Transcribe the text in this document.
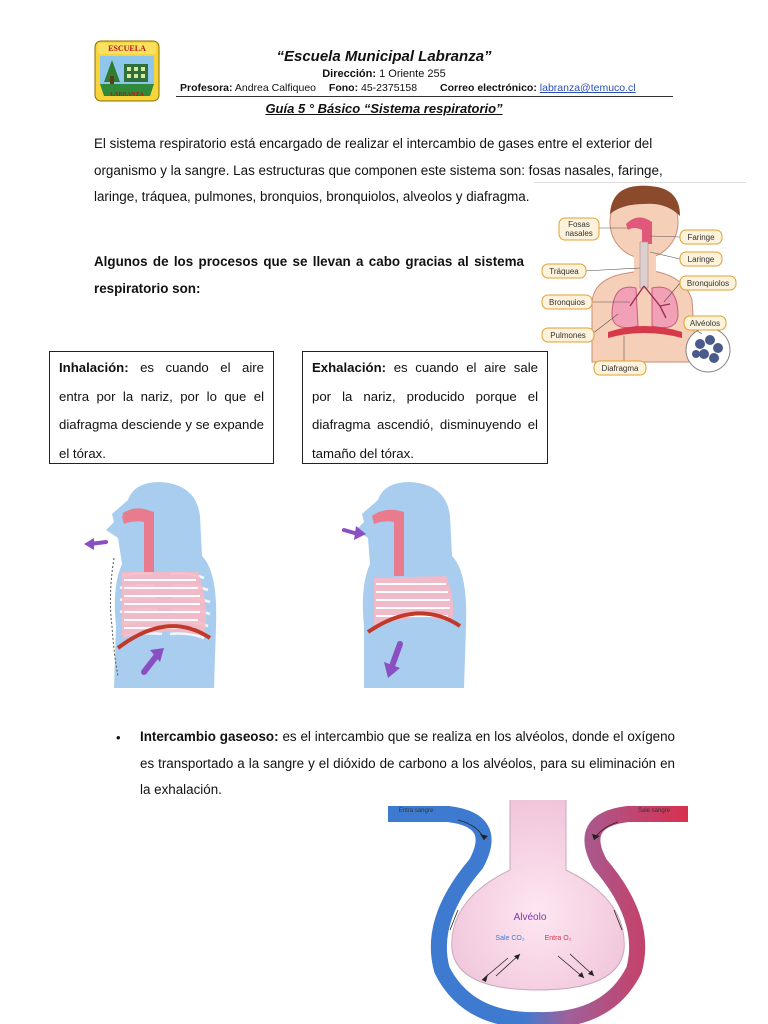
ESCUELA
LABRANZA
“Escuela Municipal Labranza”
Dirección: 1 Oriente 255
Profesora: Andrea Calfiqueo Fono: 45-2375158 Correo electrónico: labranza@temuco.cl
Guía 5 ° Básico “Sistema respiratorio”
El sistema respiratorio está encargado de realizar el intercambio de gases entre el exterior del organismo y la sangre. Las estructuras que componen este sistema son: fosas nasales, faringe, laringe, tráquea, pulmones, bronquios, bronquiolos, alveolos y diafragma.
Fosas
nasales	Faringe
Laringe
Tráquea
Bronquiolos
Bronquios
Alvéolos
Pulmones
Diafragma
Algunos de los procesos que se llevan a cabo gracias al sistema respiratorio son:
Inhalación: es cuando el aire entra por la nariz, por lo que el diafragma desciende y se expande el tórax.
Exhalación: es cuando el aire sale por la nariz, producido porque el diafragma ascendió, disminuyendo el tamaño del tórax.
• Intercambio gaseoso: es el intercambio que se realiza en los alvéolos, donde el oxígeno es transportado a la sangre y el dióxido de carbono a los alvéolos, para su eliminación en la exhalación.
Entra sangre	Sale sangre
Alvéolo
Sale CO₂	Entra O₂
